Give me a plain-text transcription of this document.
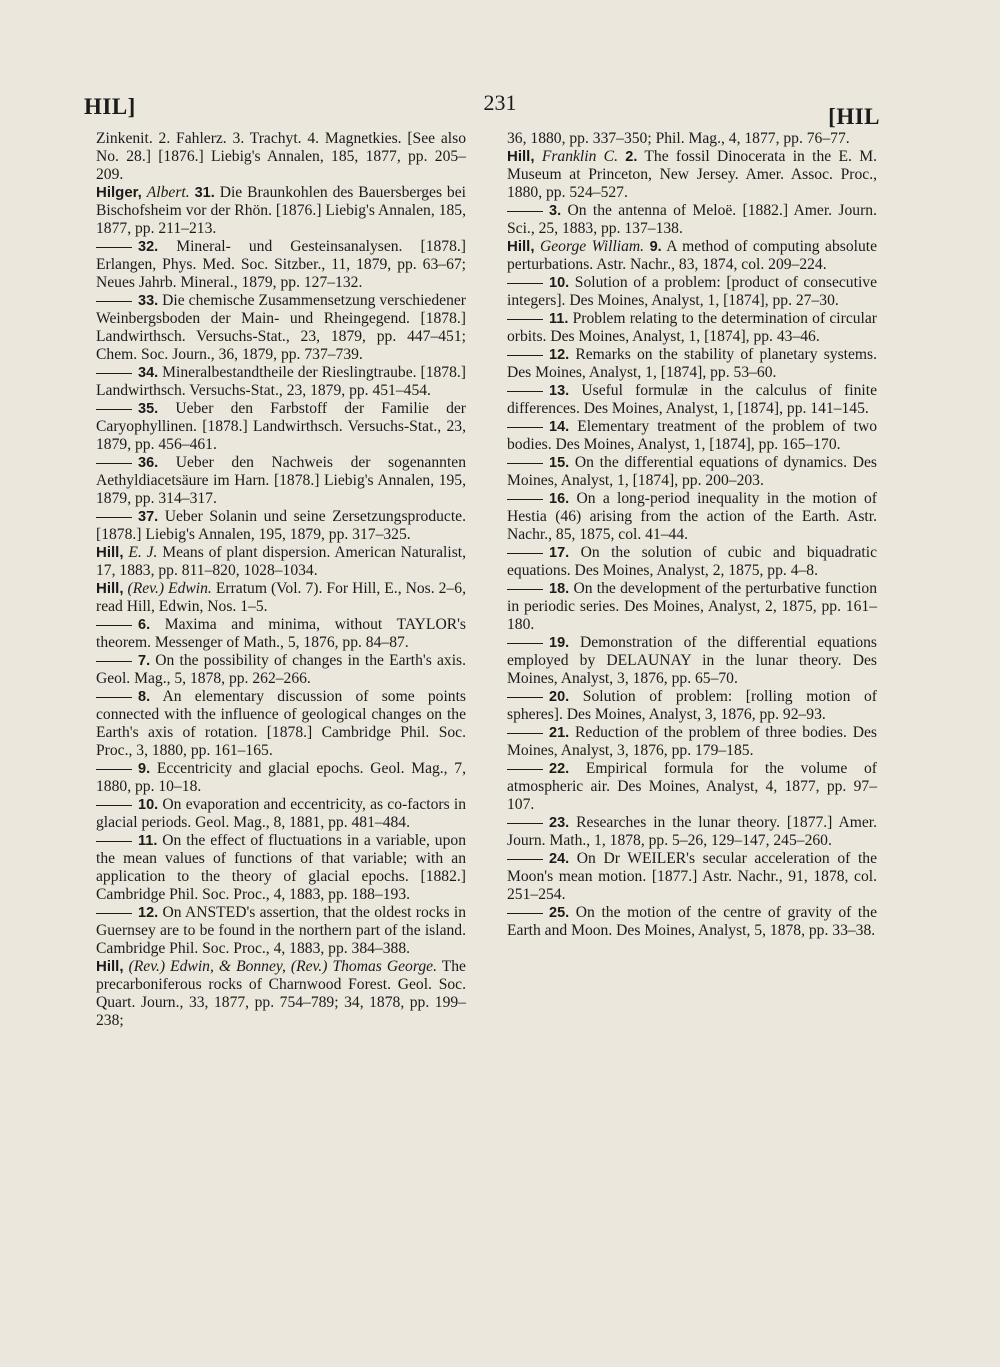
HIL]	231
[HIL

Zinkenit. 2. Fahlerz. 3. Trachyt. 4. Magnetkies. [See also No. 28.] [1876.] Liebig's Annalen, 185, 1877, pp. 205–209.

Hilger, Albert. 31. Die Braunkohlen des Bauersberges bei Bischofsheim vor der Rhön. [1876.] Liebig's Annalen, 185, 1877, pp. 211–213.

32. Mineral- und Gesteinsanalysen. [1878.] Erlangen, Phys. Med. Soc. Sitzber., 11, 1879, pp. 63–67; Neues Jahrb. Mineral., 1879, pp. 127–132.

33. Die chemische Zusammensetzung verschiedener Weinbergsboden der Main- und Rheingegend. [1878.] Landwirthsch. Versuchs-Stat., 23, 1879, pp. 447–451; Chem. Soc. Journ., 36, 1879, pp. 737–739.

34. Mineralbestandtheile der Rieslingtraube. [1878.] Landwirthsch. Versuchs-Stat., 23, 1879, pp. 451–454.

35. Ueber den Farbstoff der Familie der Caryophyllinen. [1878.] Landwirthsch. Versuchs-Stat., 23, 1879, pp. 456–461.

36. Ueber den Nachweis der sogenannten Aethyldiacetsäure im Harn. [1878.] Liebig's Annalen, 195, 1879, pp. 314–317.

37. Ueber Solanin und seine Zersetzungsproducte. [1878.] Liebig's Annalen, 195, 1879, pp. 317–325.

Hill, E. J. Means of plant dispersion. American Naturalist, 17, 1883, pp. 811–820, 1028–1034.

Hill, (Rev.) Edwin. Erratum (Vol. 7). For Hill, E., Nos. 2–6, read Hill, Edwin, Nos. 1–5.

6. Maxima and minima, without TAYLOR's theorem. Messenger of Math., 5, 1876, pp. 84–87.

7. On the possibility of changes in the Earth's axis. Geol. Mag., 5, 1878, pp. 262–266.

8. An elementary discussion of some points connected with the influence of geological changes on the Earth's axis of rotation. [1878.] Cambridge Phil. Soc. Proc., 3, 1880, pp. 161–165.

9. Eccentricity and glacial epochs. Geol. Mag., 7, 1880, pp. 10–18.

10. On evaporation and eccentricity, as co-factors in glacial periods. Geol. Mag., 8, 1881, pp. 481–484.

11. On the effect of fluctuations in a variable, upon the mean values of functions of that variable; with an application to the theory of glacial epochs. [1882.] Cambridge Phil. Soc. Proc., 4, 1883, pp. 188–193.

12. On ANSTED's assertion, that the oldest rocks in Guernsey are to be found in the northern part of the island. Cambridge Phil. Soc. Proc., 4, 1883, pp. 384–388.

Hill, (Rev.) Edwin, & Bonney, (Rev.) Thomas George. The precarboniferous rocks of Charnwood Forest. Geol. Soc. Quart. Journ., 33, 1877, pp. 754–789; 34, 1878, pp. 199–238;

36, 1880, pp. 337–350; Phil. Mag., 4, 1877, pp. 76–77.

Hill, Franklin C. 2. The fossil Dinocerata in the E. M. Museum at Princeton, New Jersey. Amer. Assoc. Proc., 1880, pp. 524–527.

3. On the antenna of Meloë. [1882.] Amer. Journ. Sci., 25, 1883, pp. 137–138.

Hill, George William. 9. A method of computing absolute perturbations. Astr. Nachr., 83, 1874, col. 209–224.

10. Solution of a problem: [product of consecutive integers]. Des Moines, Analyst, 1, [1874], pp. 27–30.

11. Problem relating to the determination of circular orbits. Des Moines, Analyst, 1, [1874], pp. 43–46.

12. Remarks on the stability of planetary systems. Des Moines, Analyst, 1, [1874], pp. 53–60.

13. Useful formulæ in the calculus of finite differences. Des Moines, Analyst, 1, [1874], pp. 141–145.

14. Elementary treatment of the problem of two bodies. Des Moines, Analyst, 1, [1874], pp. 165–170.

15. On the differential equations of dynamics. Des Moines, Analyst, 1, [1874], pp. 200–203.

16. On a long-period inequality in the motion of Hestia (46) arising from the action of the Earth. Astr. Nachr., 85, 1875, col. 41–44.

17. On the solution of cubic and biquadratic equations. Des Moines, Analyst, 2, 1875, pp. 4–8.

18. On the development of the perturbative function in periodic series. Des Moines, Analyst, 2, 1875, pp. 161–180.

19. Demonstration of the differential equations employed by DELAUNAY in the lunar theory. Des Moines, Analyst, 3, 1876, pp. 65–70.

20. Solution of problem: [rolling motion of spheres]. Des Moines, Analyst, 3, 1876, pp. 92–93.

21. Reduction of the problem of three bodies. Des Moines, Analyst, 3, 1876, pp. 179–185.

22. Empirical formula for the volume of atmospheric air. Des Moines, Analyst, 4, 1877, pp. 97–107.

23. Researches in the lunar theory. [1877.] Amer. Journ. Math., 1, 1878, pp. 5–26, 129–147, 245–260.

24. On Dr WEILER's secular acceleration of the Moon's mean motion. [1877.] Astr. Nachr., 91, 1878, col. 251–254.

25. On the motion of the centre of gravity of the Earth and Moon. Des Moines, Analyst, 5, 1878, pp. 33–38.
